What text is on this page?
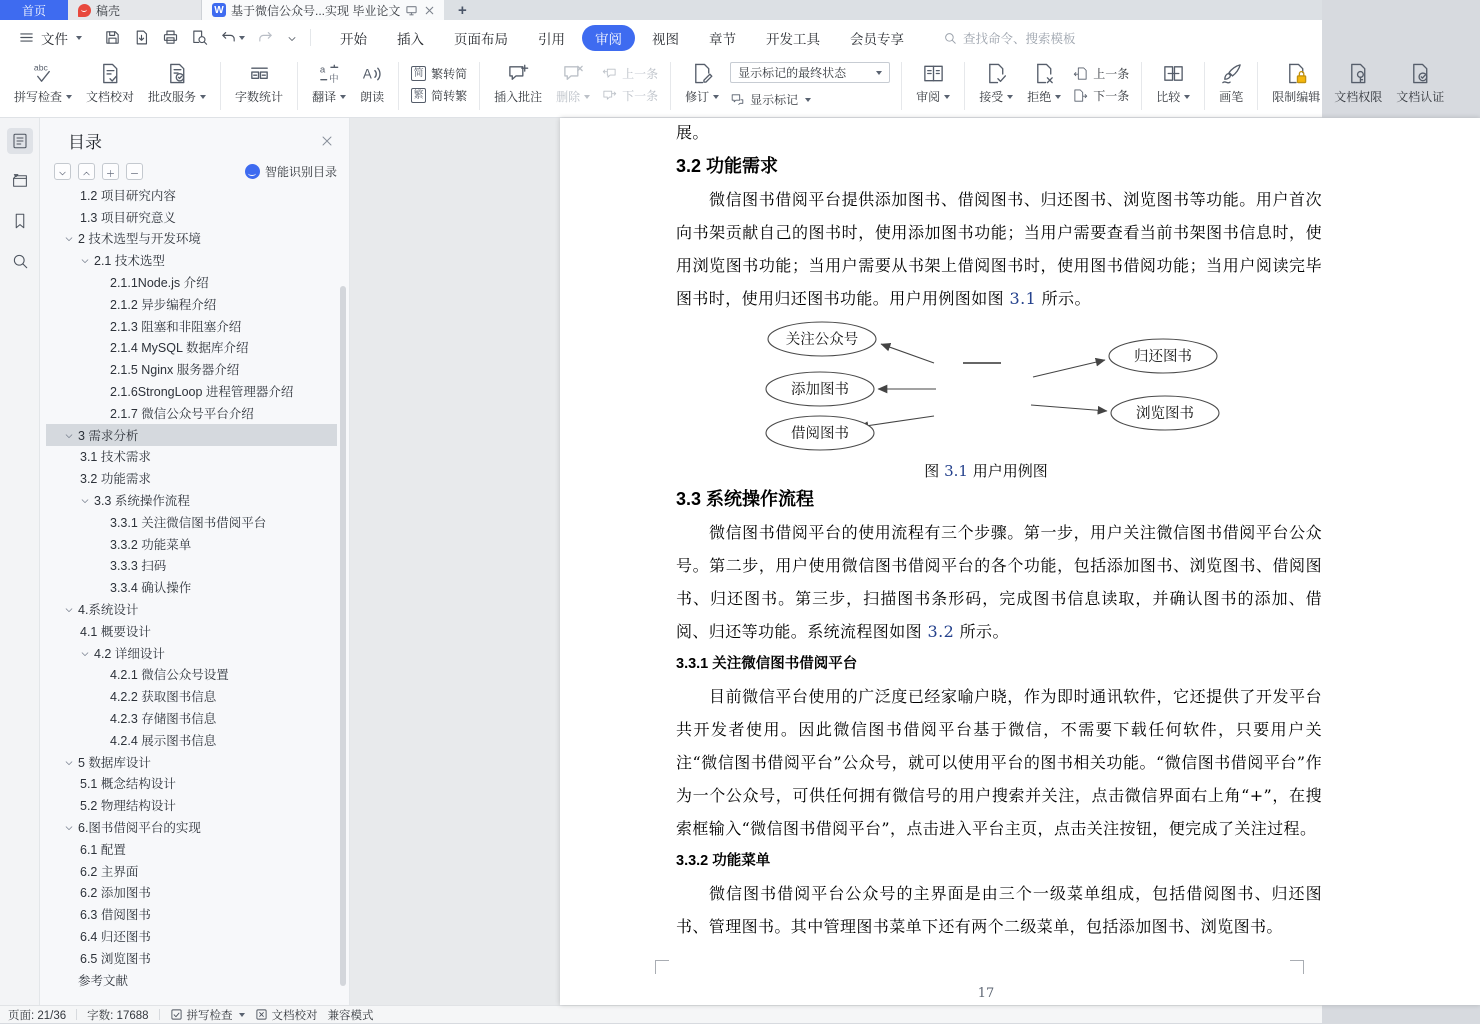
首页	稿壳	W 基于微信公众号...实现 毕业论文	+
文件	开始	插入	页面布局	引用	审阅	视图	章节	开发工具	会员专享	查找命令、搜索模板
abc
拼写检查 文档校对 批改服务	字数统计
a
中
翻译
A
朗读
简 繁转简
繁 简转繁 插入批注 删除
上一条
下一条 修订
显示标记的最终状态
显示标记	审阅	接受 拒绝
上一条
下一条 比较	画笔 限制编辑 文档权限 文档认证
目录
智能识别目录
1.2 项目研究内容
1.3 项目研究意义
2 技术选型与开发环境
2.1 技术选型
2.1.1Node.js 介绍
2.1.2 异步编程介绍
2.1.3 阻塞和非阻塞介绍
2.1.4 MySQL 数据库介绍
2.1.5 Nginx 服务器介绍
2.1.6StrongLoop 进程管理器介绍
2.1.7 微信公众号平台介绍
3 需求分析
3.1 技术需求
3.2 功能需求
3.3 系统操作流程
3.3.1 关注微信图书借阅平台
3.3.2 功能菜单
3.3.3 扫码
3.3.4 确认操作
4.系统设计
4.1 概要设计
4.2 详细设计
4.2.1 微信公众号设置
4.2.2 获取图书信息
4.2.3 存储图书信息
4.2.4 展示图书信息
5 数据库设计
5.1 概念结构设计
5.2 物理结构设计
6.图书借阅平台的实现
6.1 配置
6.2 主界面
6.2 添加图书
6.3 借阅图书
6.4 归还图书
6.5 浏览图书
参考文献
展。
3.2 功能需求

微信图书借阅平台提供添加图书、借阅图书、归还图书、浏览图书等功能。用户首次向书架贡献自己的图书时，使用添加图书功能；当用户需要查看当前书架图书信息时，使用浏览图书功能；当用户需要从书架上借阅图书时，使用图书借阅功能；当用户阅读完毕图书时，使用归还图书功能。用户用例图如图 3.1 所示。

关注公众号
添加图书
借阅图书
归还图书
浏览图书
图 3.1 用户用例图
3.3 系统操作流程

微信图书借阅平台的使用流程有三个步骤。第一步，用户关注微信图书借阅平台公众号。第二步，用户使用微信图书借阅平台的各个功能，包括添加图书、浏览图书、借阅图书、归还图书。第三步，扫描图书条形码，完成图书信息读取，并确认图书的添加、借阅、归还等功能。系统流程图如图 3.2 所示。

3.3.1 关注微信图书借阅平台

目前微信平台使用的广泛度已经家喻户晓，作为即时通讯软件，它还提供了开发平台共开发者使用。因此微信图书借阅平台基于微信，不需要下载任何软件，只要用户关注“微信图书借阅平台”公众号，就可以使用平台的图书相关功能。“微信图书借阅平台”作为一个公众号，可供任何拥有微信号的用户搜索并关注，点击微信界面右上角“+”，在搜索框输入“微信图书借阅平台”，点击进入平台主页，点击关注按钮，便完成了关注过程。

3.3.2 功能菜单

微信图书借阅平台公众号的主界面是由三个一级菜单组成，包括借阅图书、归还图书、管理图书。其中管理图书菜单下还有两个二级菜单，包括添加图书、浏览图书。

17
页面: 21/36 字数: 17688	拼写检查	文档校对 兼容模式
